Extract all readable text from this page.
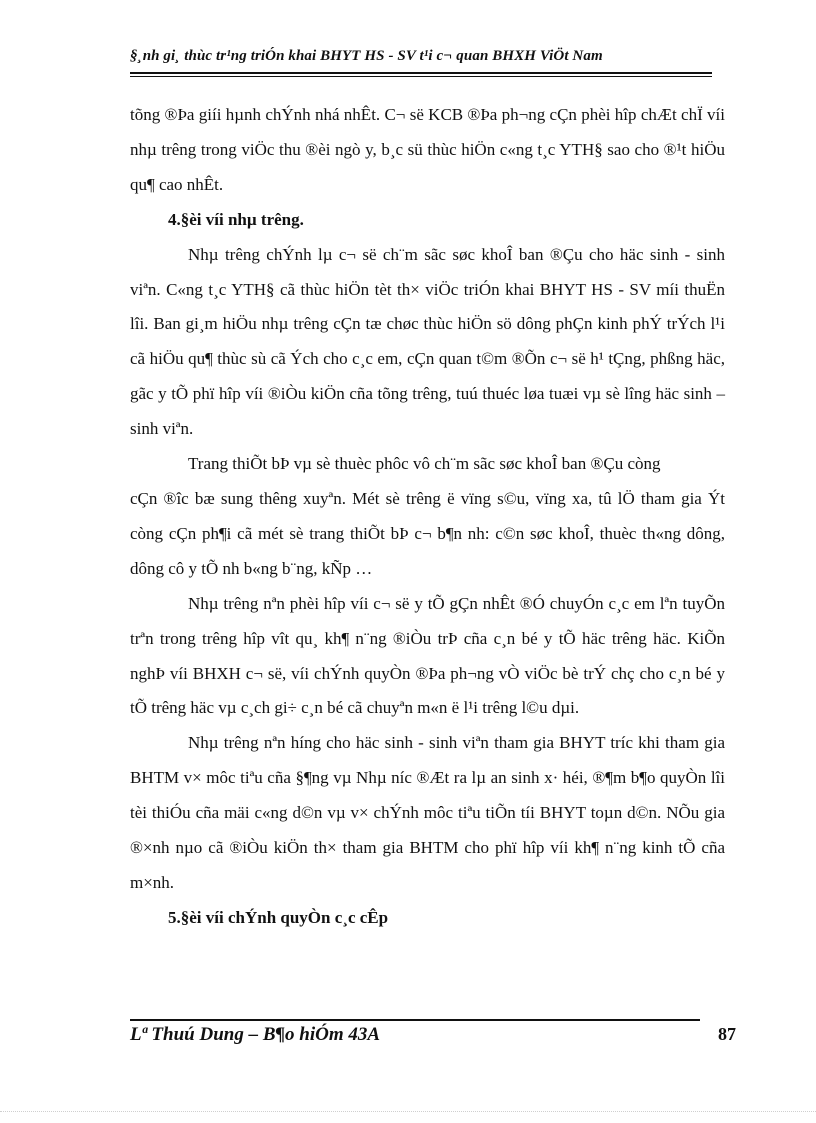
§¸nh gi¸ thùc tr¹ng triÓn khai BHYT HS - SV t¹i c¬ quan BHXH ViÖt Nam

tõng ®Þa giíi hµnh chÝnh nhá nhÊt. C¬ së KCB ®Þa ph¬ng cÇn phèi hîp chÆt chÏ víi nhµ trêng trong viÖc thu ®èi ngò y, b¸c sü thùc hiÖn c«ng t¸c YTH§ sao cho ®¹t hiÖu qu¶ cao nhÊt.

4.§èi víi nhµ trêng.

Nhµ trêng chÝnh lµ c¬ së ch¨m sãc søc khoÎ ban ®Çu cho häc sinh - sinh viªn. C«ng t¸c YTH§ cã thùc hiÖn tèt th× viÖc triÓn khai BHYT HS - SV míi thuËn lîi. Ban gi¸m hiÖu nhµ trêng cÇn tæ chøc thùc hiÖn sö dông phÇn kinh phÝ trÝch l¹i cã hiÖu qu¶ thùc sù cã Ých cho c¸c em, cÇn quan t©m ®Õn c¬ së h¹ tÇng, phßng häc, gãc y tÕ phï hîp víi ®iÒu kiÖn cña tõng trêng, tuú thuéc løa tuæi vµ sè lîng häc sinh – sinh viªn.

Trang thiÕt bÞ vµ sè thuèc phôc vô ch¨m sãc søc khoÎ ban ®Çu còng

cÇn ®îc bæ sung thêng xuyªn. Mét sè trêng ë vïng s©u, vïng xa, tû lÖ tham gia Ýt còng cÇn ph¶i cã mét sè trang thiÕt bÞ c¬ b¶n nh: c©n søc khoÎ, thuèc th«ng dông, dông cô y tÕ nh b«ng b¨ng, kÑp …

Nhµ trêng nªn phèi hîp víi c¬ së y tÕ gÇn nhÊt ®Ó chuyÓn c¸c em lªn tuyÕn trªn trong trêng hîp vît qu¸ kh¶ n¨ng ®iÒu trÞ cña c¸n bé y tÕ häc trêng häc. KiÕn nghÞ víi BHXH c¬ së, víi chÝnh quyÒn ®Þa ph¬ng vÒ viÖc bè trÝ chç cho c¸n bé y tÕ trêng häc vµ c¸ch gi÷ c¸n bé cã chuyªn m«n ë l¹i trêng l©u dµi.

Nhµ trêng nªn híng cho häc sinh - sinh viªn tham gia BHYT tríc khi tham gia BHTM v× môc tiªu cña §¶ng vµ Nhµ níc ®Æt ra lµ an sinh x· héi, ®¶m b¶o quyÒn lîi tèi thiÓu cña mäi c«ng d©n vµ v× chÝnh môc tiªu tiÕn tíi BHYT toµn d©n. NÕu gia ®×nh nµo cã ®iÒu kiÖn th× tham gia BHTM cho phï hîp víi kh¶ n¨ng kinh tÕ cña m×nh.

5.§èi víi chÝnh quyÒn c¸c cÊp

Lª Thuú Dung – B¶o hiÓm 43A	87
